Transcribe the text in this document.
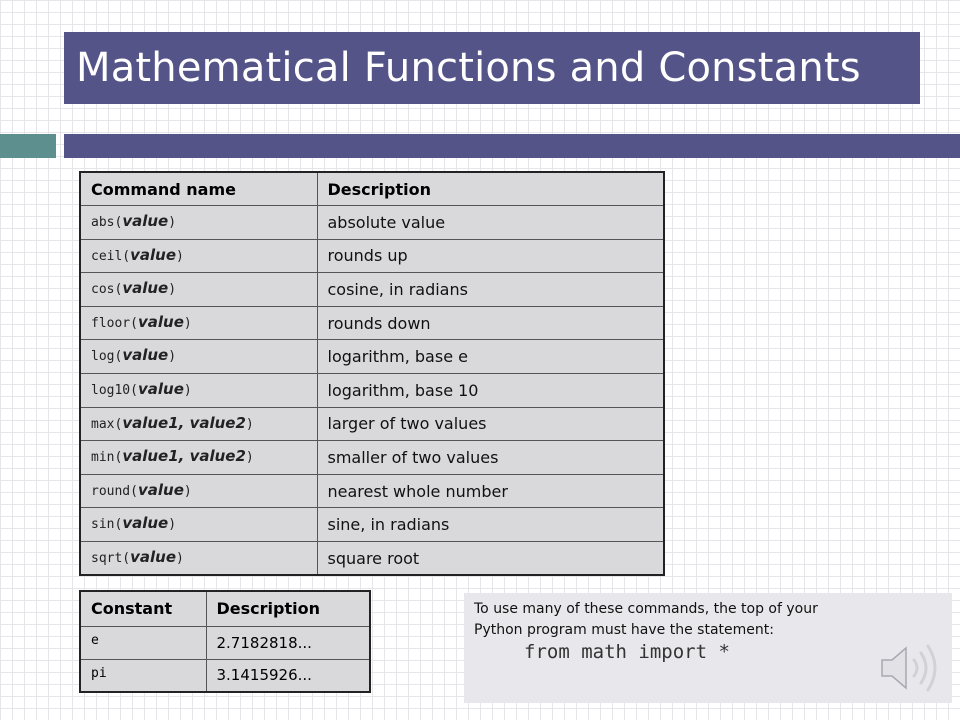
Mathematical Functions and Constants
Command name	Description
abs(value)	absolute value
ceil(value)	rounds up
cos(value)	cosine, in radians
floor(value)	rounds down
log(value)	logarithm, base e
log10(value)	logarithm, base 10
max(value1, value2)	larger of two values
min(value1, value2)	smaller of two values
round(value)	nearest whole number
sin(value)	sine, in radians
sqrt(value)	square root
Constant	Description
e	2.7182818...
pi	3.1415926...
To use many of these commands, the top of your
Python program must have the statement:
from math import *
